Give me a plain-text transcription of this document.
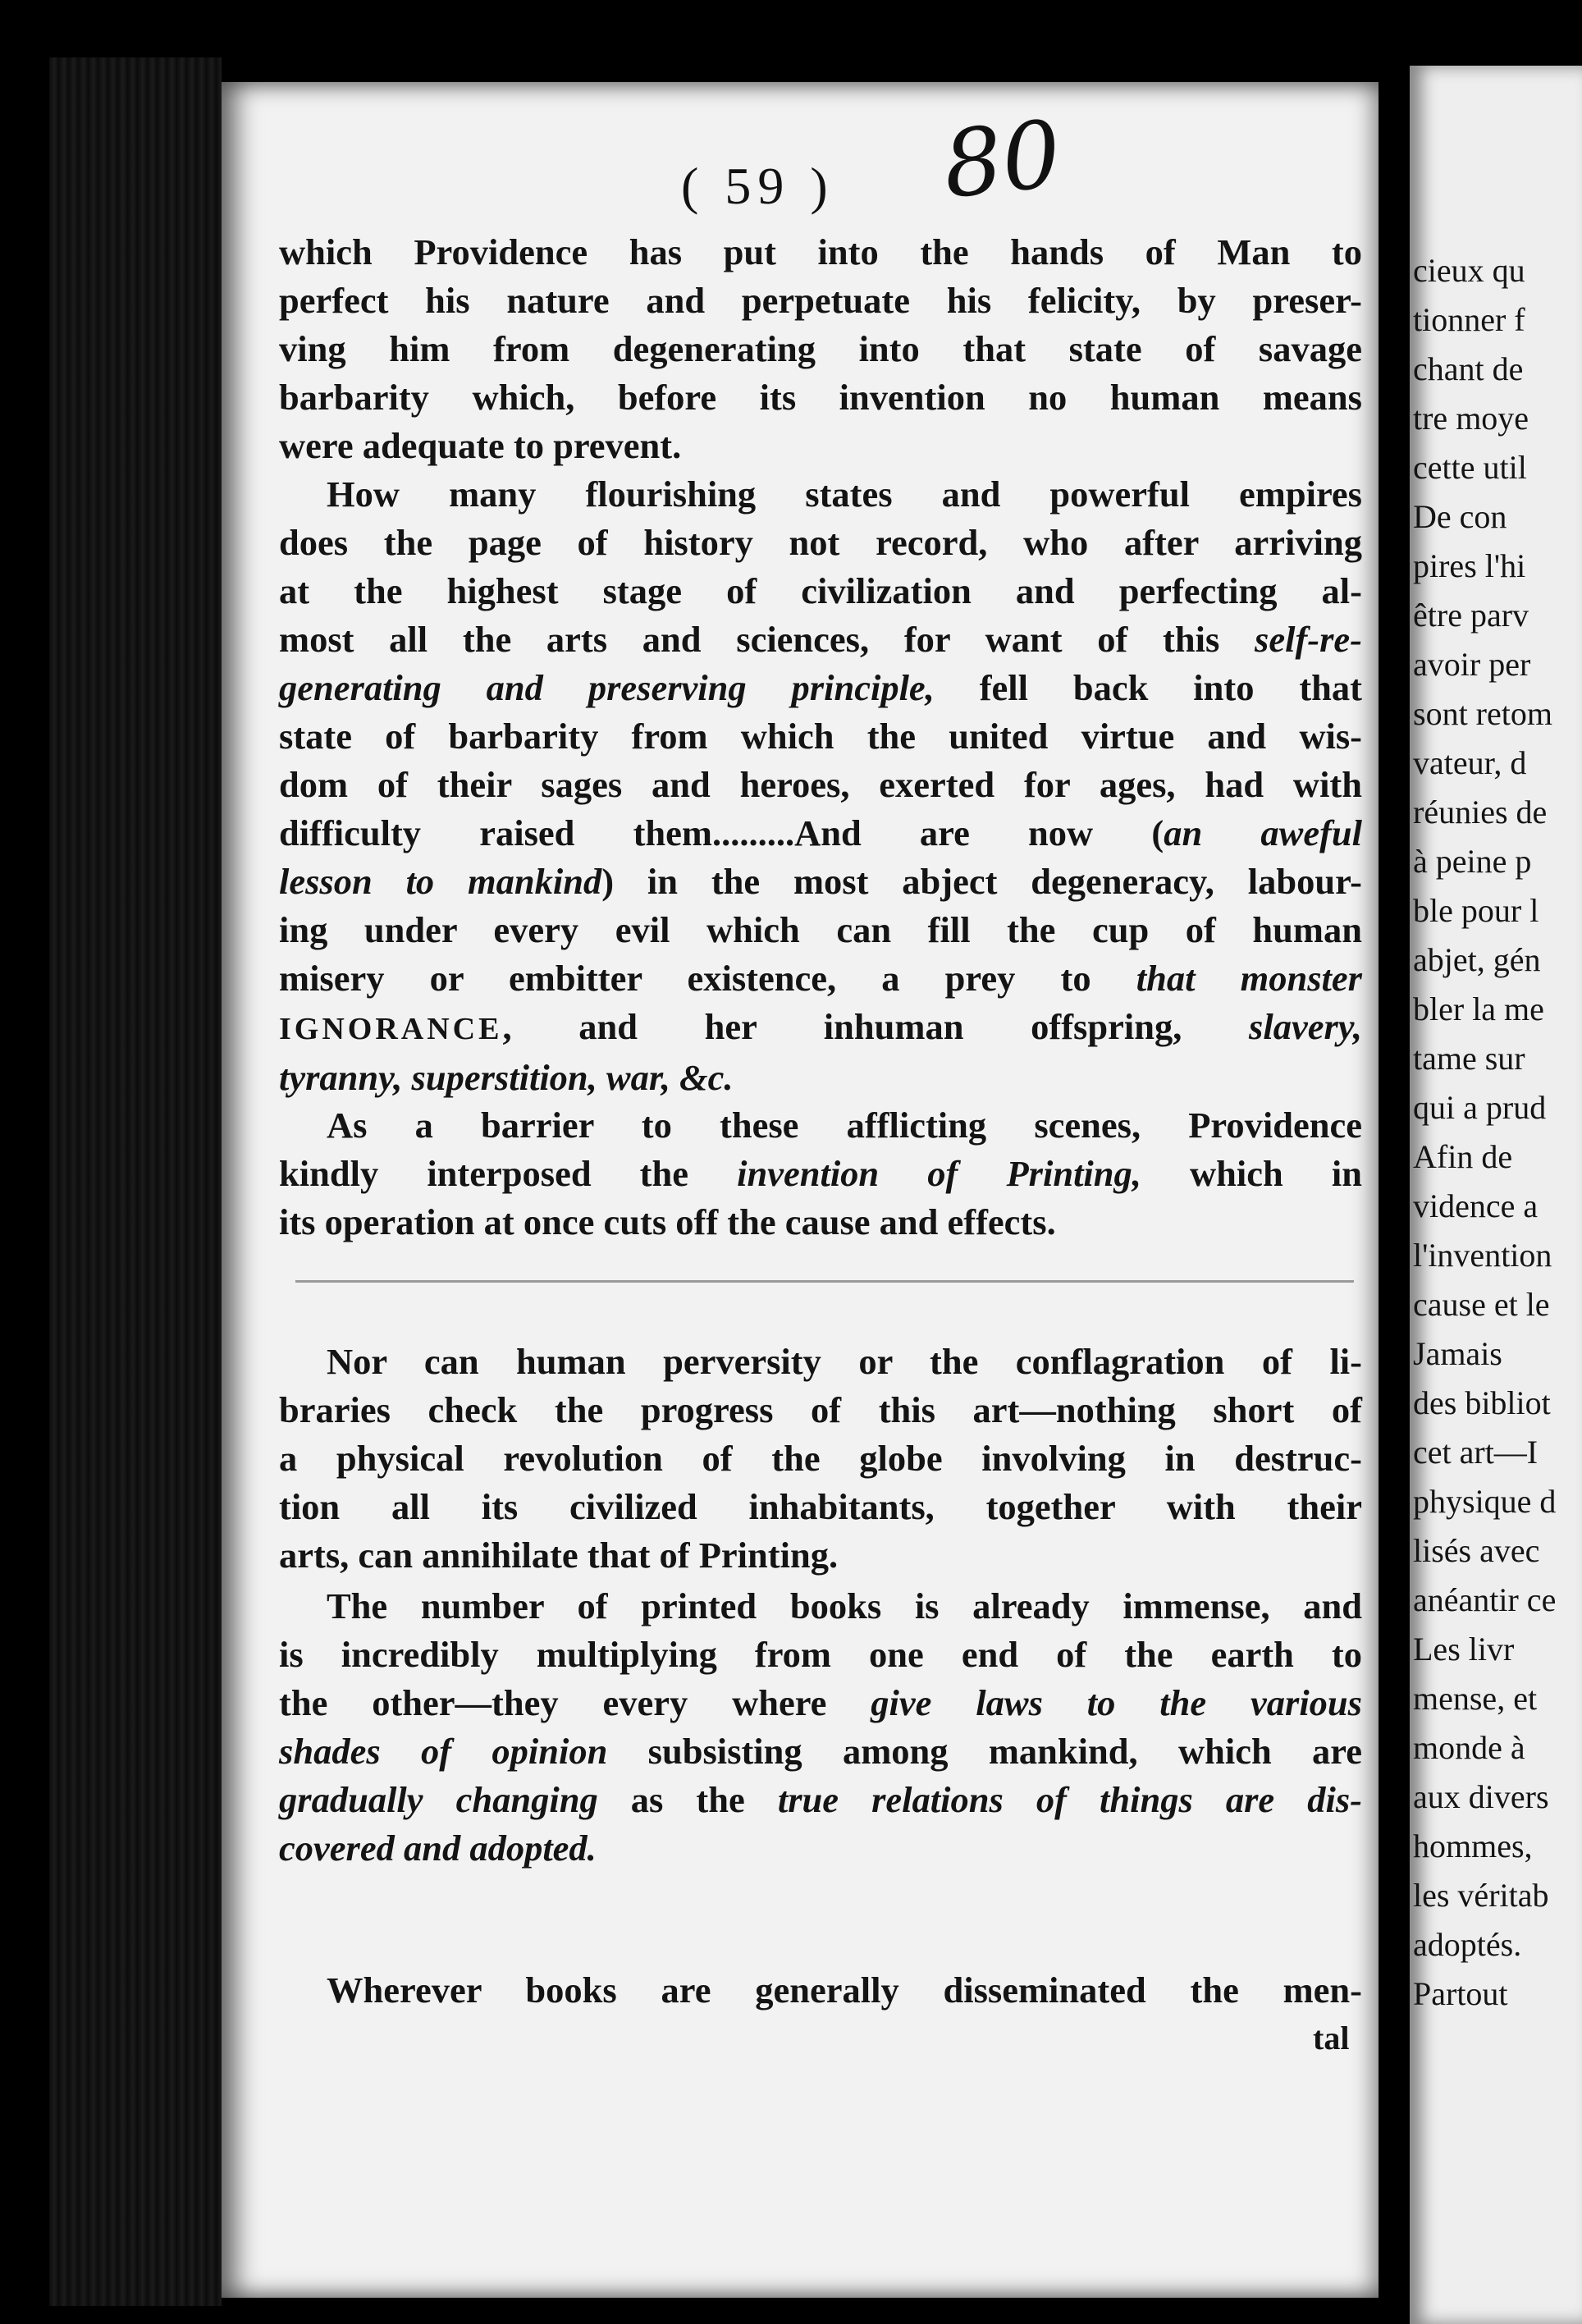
( 59 ) 80

which Providence has put into the hands of Man to

perfect his nature and perpetuate his felicity, by preser-

ving him from degenerating into that state of savage

barbarity which, before its invention no human means

were adequate to prevent.

How many flourishing states and powerful empires

does the page of history not record, who after arriving

at the highest stage of civilization and perfecting al-

most all the arts and sciences, for want of this self-re-

generating and preserving principle, fell back into that

state of barbarity from which the united virtue and wis-

dom of their sages and heroes, exerted for ages, had with

difficulty raised them.........And are now (an aweful

lesson to mankind) in the most abject degeneracy, labour-

ing under every evil which can fill the cup of human

misery or embitter existence, a prey to that monster

IGNORANCE, and her inhuman offspring, slavery,

tyranny, superstition, war, &c.

As a barrier to these afflicting scenes, Providence

kindly interposed the invention of Printing, which in

its operation at once cuts off the cause and effects.

Nor can human perversity or the conflagration of li-

braries check the progress of this art—nothing short of

a physical revolution of the globe involving in destruc-

tion all its civilized inhabitants, together with their

arts, can annihilate that of Printing.

The number of printed books is already immense, and

is incredibly multiplying from one end of the earth to

the other—they every where give laws to the various

shades of opinion subsisting among mankind, which are

gradually changing as the true relations of things are dis-

covered and adopted.

Wherever books are generally disseminated the men-

tal
cieux qu
tionner f
chant de
tre moye
cette util
De con
pires l'hi
être parv
avoir per
sont retom
vateur, d
réunies de
à peine p
ble pour l
abjet, gén
bler la me
tame sur
qui a prud
Afin de
vidence a
l'invention
cause et le
Jamais
des bibliot
cet art—I
physique d
lisés avec
anéantir ce
Les livr
mense, et
monde à
aux divers
hommes,
les véritab
adoptés.
Partout
